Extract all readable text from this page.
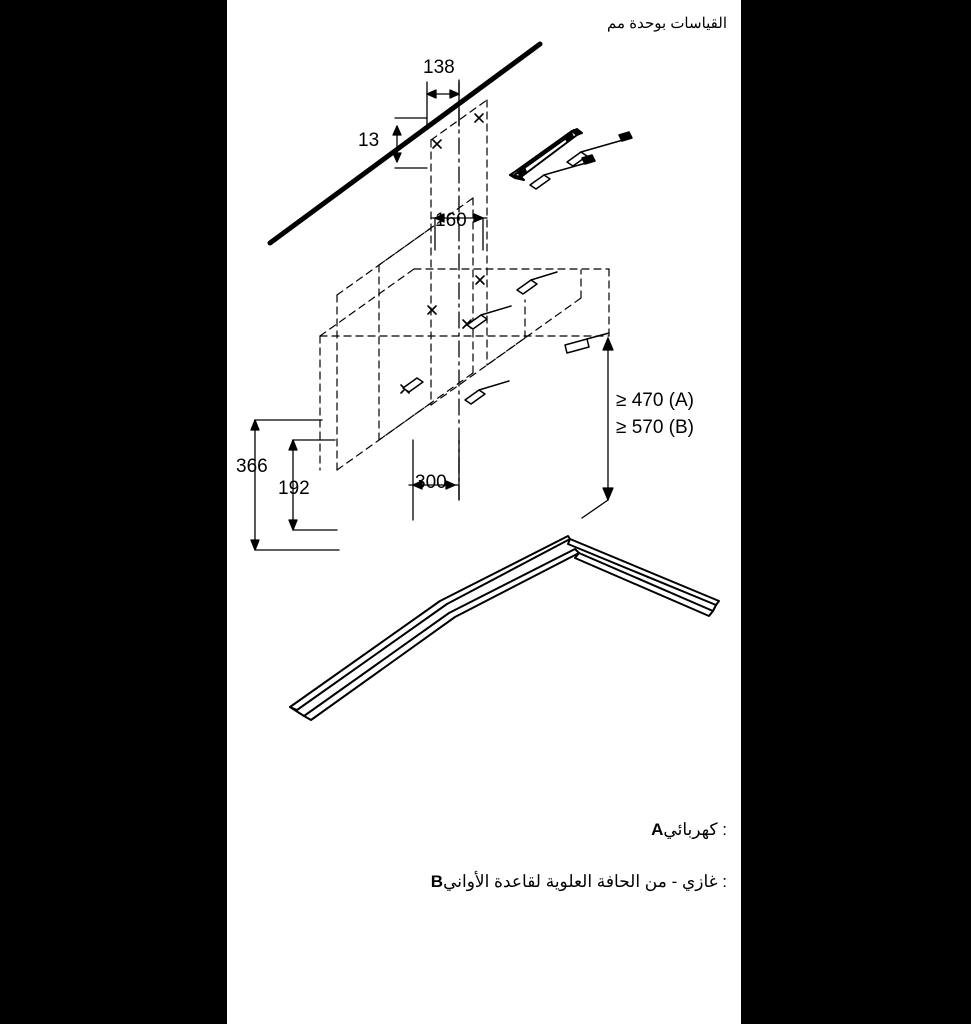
القياسات بوحدة مم
138
13
160
366
192	300
≥ 470 (A)
≥ 570 (B)
: كهربائيA
: غازي - من الحافة العلوية لقاعدة الأوانيB
